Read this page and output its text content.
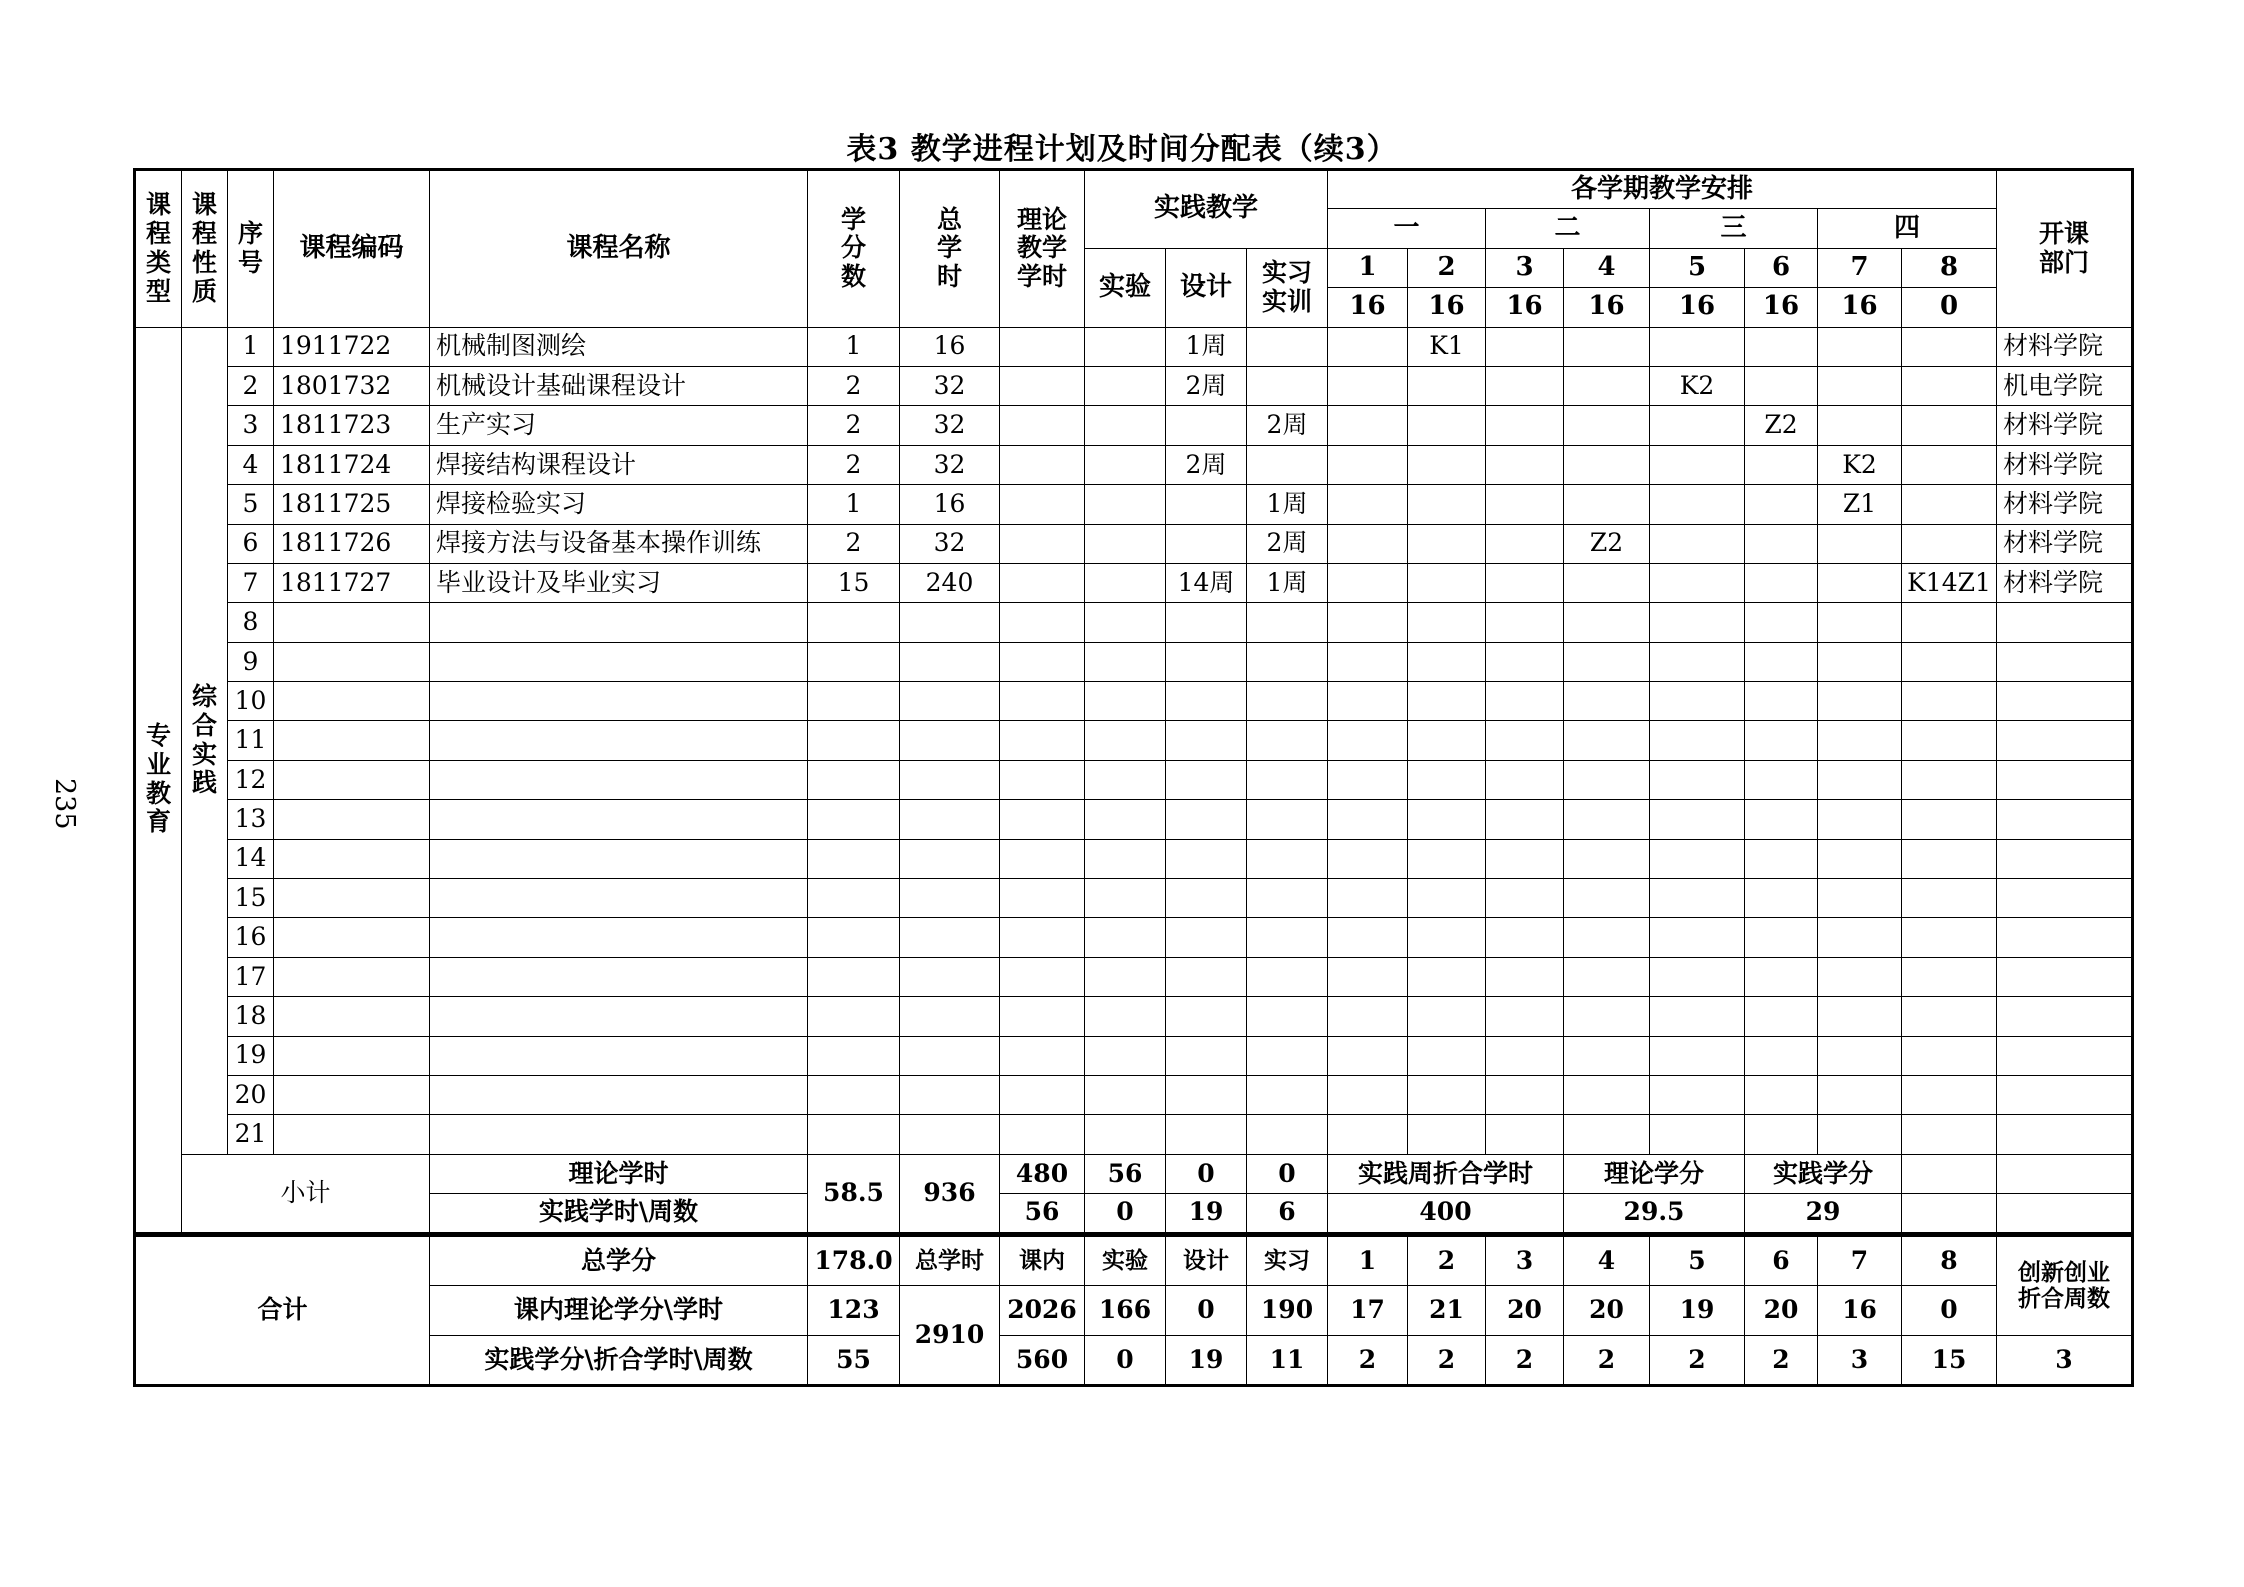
235
表3 教学进程计划及时间分配表（续3）
课程类型	课程性质	序号	课程编码	课程名称	学分数	总学时	理论教学学时	实践教学			各学期教学安排								开课部门
											一		二		三		四		
								实验	设计	实习实训	1	2	3	4	5	6	7	8	
											16	16	16	16	16	16	16	0	
专业教育	综合实践	1	1911722	机械制图测绘	1	16			1周			K1							材料学院
		2	1801732	机械设计基础课程设计	2	32			2周						K2				机电学院
		3	1811723	生产实习	2	32				2周						Z2			材料学院
		4	1811724	焊接结构课程设计	2	32			2周								K2		材料学院
		5	1811725	焊接检验实习	1	16				1周							Z1		材料学院
		6	1811726	焊接方法与设备基本操作训练	2	32				2周				Z2					材料学院
		7	1811727	毕业设计及毕业实习	15	240			14周	1周								K14Z1	材料学院
		8																	
		9																	
		10																	
		11																	
		12																	
		13																	
		14																	
		15																	
		16																	
		17																	
		18																	
		19																	
		20																	
		21																	
	小计			理论学时	58.5	936	480	56	0	0	实践周折合学时			理论学分		实践学分			
				实践学时\周数			56	0	19	6	400			29.5		29			
合计	总学分	178.0	总学时	课内	实验	设计	实习	1	2	3	4	5	6	7	8	创新创业折合周数
	课内理论学分\学时	123	2910	2026	166	0	190	17	21	20	20	19	20	16	0	
	实践学分\折合学时\周数	55		560	0	19	11	2	2	2	2	2	2	3	15	3
